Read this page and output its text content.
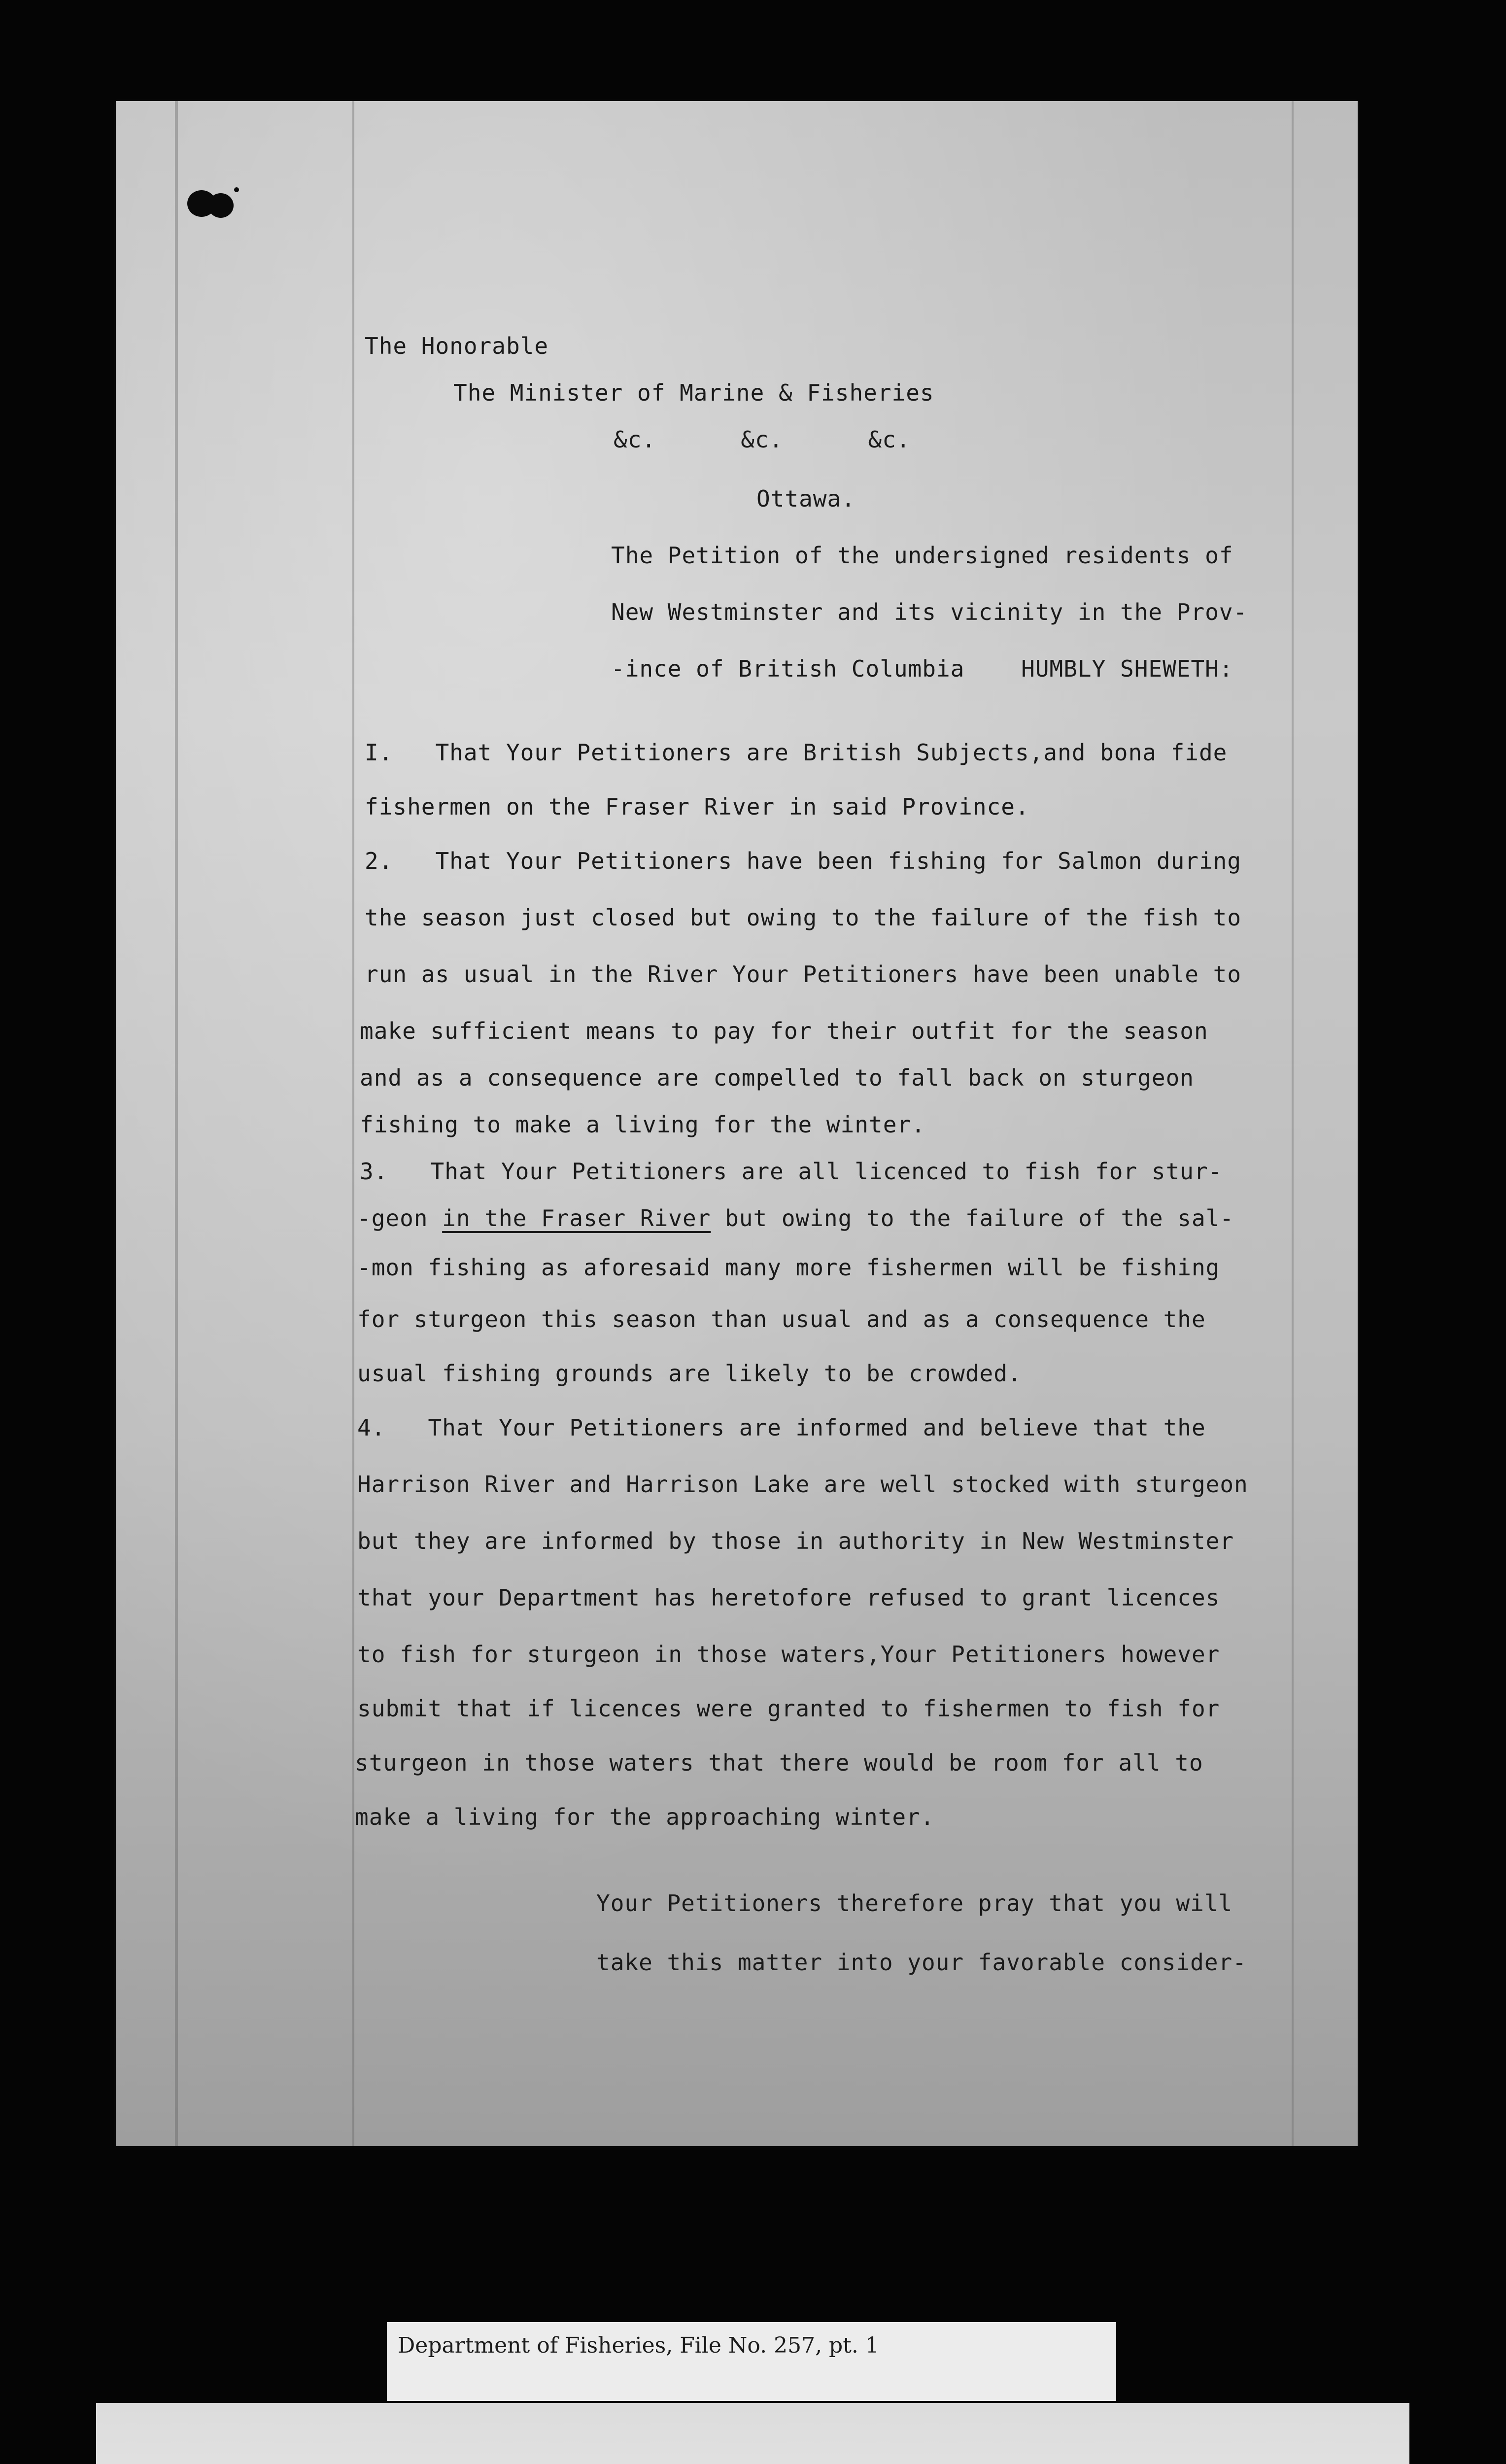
The Honorable
The Minister of Marine & Fisheries
&c.      &c.      &c.
Ottawa.
The Petition of the undersigned residents of
New Westminster and its vicinity in the Prov-
-ince of British Columbia    HUMBLY SHEWETH:
I.   That Your Petitioners are British Subjects,and bona fide
fishermen on the Fraser River in said Province.
2.   That Your Petitioners have been fishing for Salmon during
the season just closed but owing to the failure of the fish to
run as usual in the River Your Petitioners have been unable to
make sufficient means to pay for their outfit for the season
and as a consequence are compelled to fall back on sturgeon
fishing to make a living for the winter.
3.   That Your Petitioners are all licenced to fish for stur-
-geon in the Fraser River but owing to the failure of the sal-
-mon fishing as aforesaid many more fishermen will be fishing
for sturgeon this season than usual and as a consequence the
usual fishing grounds are likely to be crowded.
4.   That Your Petitioners are informed and believe that the
Harrison River and Harrison Lake are well stocked with sturgeon
but they are informed by those in authority in New Westminster
that your Department has heretofore refused to grant licences
to fish for sturgeon in those waters,Your Petitioners however
submit that if licences were granted to fishermen to fish for
sturgeon in those waters that there would be room for all to
make a living for the approaching winter.
Your Petitioners therefore pray that you will
take this matter into your favorable consider-
Department of Fisheries, File No. 257, pt. 1
